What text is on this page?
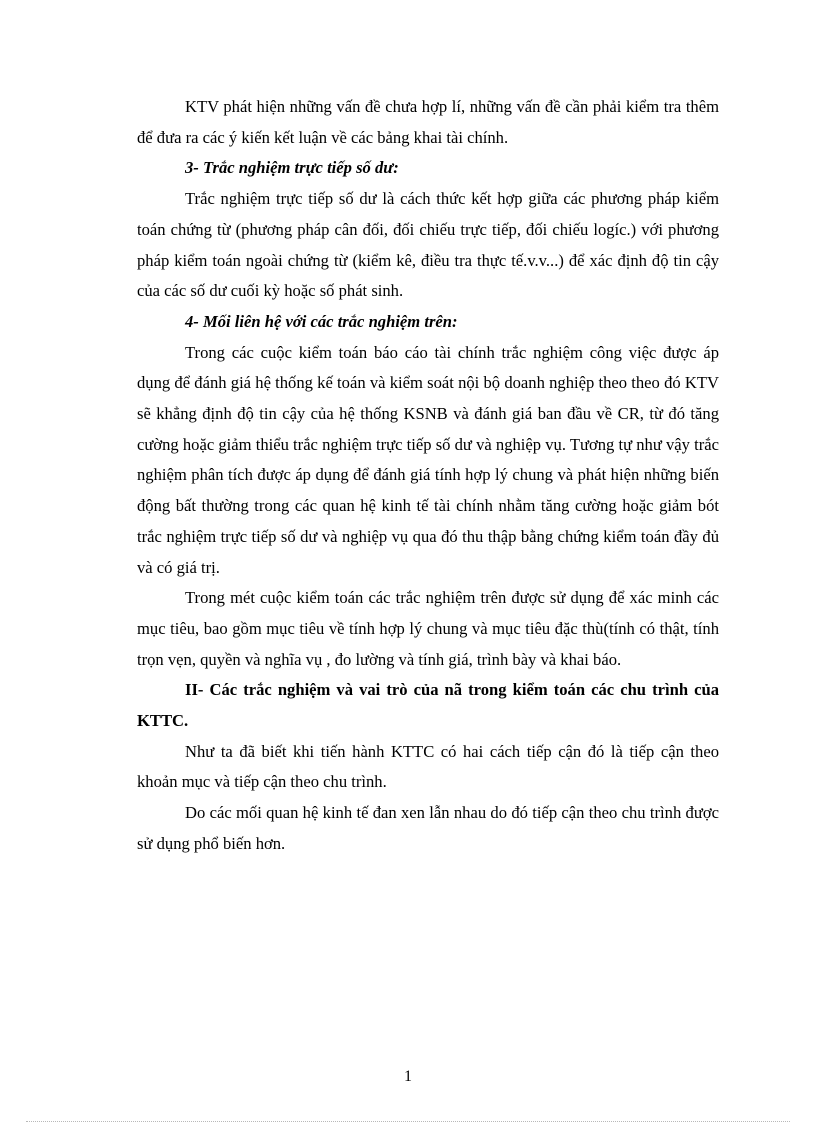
KTV phát hiện những vấn đề chưa hợp lí, những vấn đề cần phải kiểm tra thêm để đưa ra các ý kiến kết luận về các bảng khai tài chính.

3- Trắc nghiệm trực tiếp số dư:

Trắc nghiệm trực tiếp số dư là cách thức kết hợp giữa các phương pháp kiểm toán chứng từ (phương pháp cân đối, đối chiếu trực tiếp, đối chiếu logíc.) với phương pháp kiểm toán ngoài chứng từ (kiểm kê, điều tra thực tế.v.v...) để xác định độ tin cậy của các số dư cuối kỳ hoặc số phát sinh.

4- Mối liên hệ với các trắc nghiệm trên:

Trong các cuộc kiểm toán báo cáo tài chính trắc nghiệm công việc được áp dụng để đánh giá hệ thống kế toán và kiểm soát nội bộ doanh nghiệp theo theo đó KTV sẽ khẳng định độ tin cậy của hệ thống KSNB và đánh giá ban đầu về CR, từ đó tăng cường hoặc giảm thiểu trắc nghiệm trực tiếp số dư và nghiệp vụ. Tương tự như vậy trắc nghiệm phân tích được áp dụng để đánh giá tính hợp lý chung và phát hiện những biến động bất thường trong các quan hệ kinh tế tài chính nhằm tăng cường hoặc giảm bót trắc nghiệm trực tiếp số dư và nghiệp vụ qua đó thu thập bằng chứng kiểm toán đầy đủ và có giá trị.

Trong mét cuộc kiểm toán các trắc nghiệm trên được sử dụng để xác minh các mục tiêu, bao gồm mục tiêu về tính hợp lý chung và mục tiêu đặc thù(tính có thật, tính trọn vẹn, quyền và nghĩa vụ , đo lường và tính giá, trình bày và khai báo.

II- Các trắc nghiệm và vai trò của nã trong kiểm toán các chu trình của KTTC.

Như ta đã biết khi tiến hành KTTC có hai cách tiếp cận đó là tiếp cận theo khoản mục và tiếp cận theo chu trình.

Do các mối quan hệ kinh tế đan xen lẫn nhau do đó tiếp cận theo chu trình được sử dụng phổ biến hơn.

1
